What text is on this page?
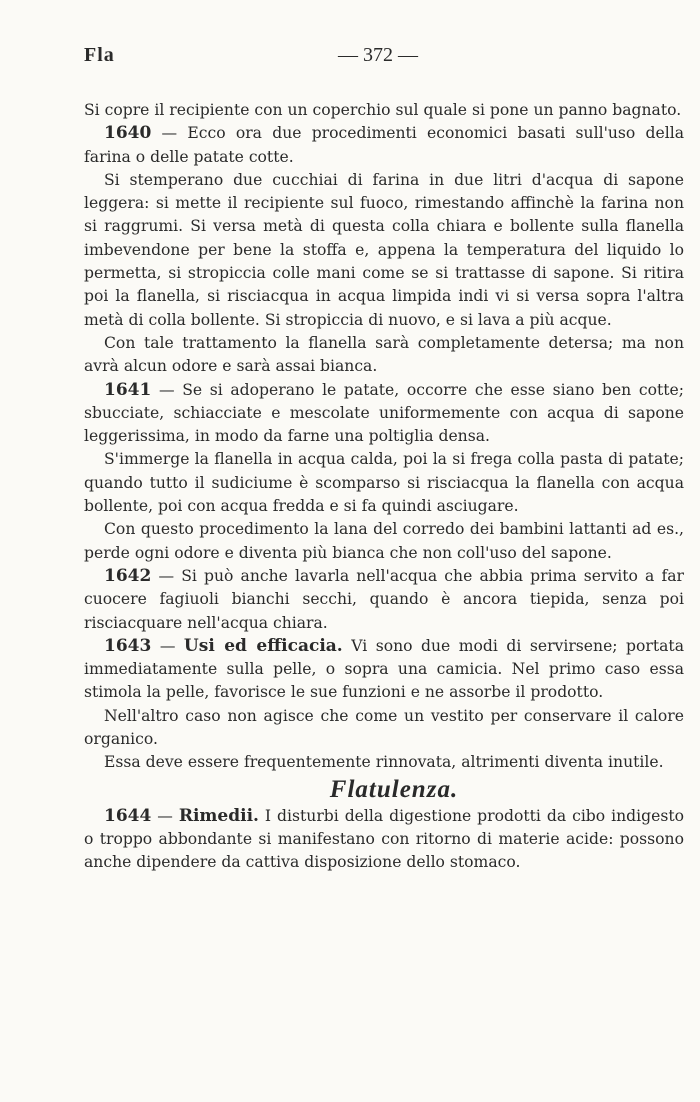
Fla	— 372 —

Si copre il recipiente con un coperchio sul quale si pone un panno bagnato.

1640 — Ecco ora due procedimenti economici basati sull'uso della farina o delle patate cotte.

Si stemperano due cucchiai di farina in due litri d'acqua di sapone leggera: si mette il recipiente sul fuoco, rimestando affinchè la farina non si raggrumi. Si versa metà di questa colla chiara e bollente sulla flanella imbevendone per bene la stoffa e, appena la temperatura del liquido lo permetta, si stropiccia colle mani come se si trattasse di sapone. Si ritira poi la flanella, si risciacqua in acqua limpida indi vi si versa sopra l'altra metà di colla bollente. Si stropiccia di nuovo, e si lava a più acque.

Con tale trattamento la flanella sarà completamente detersa; ma non avrà alcun odore e sarà assai bianca.

1641 — Se si adoperano le patate, occorre che esse siano ben cotte; sbucciate, schiacciate e mescolate uniformemente con acqua di sapone leggerissima, in modo da farne una poltiglia densa.

S'immerge la flanella in acqua calda, poi la si frega colla pasta di patate; quando tutto il sudiciume è scomparso si risciacqua la flanella con acqua bollente, poi con acqua fredda e si fa quindi asciugare.

Con questo procedimento la lana del corredo dei bambini lattanti ad es., perde ogni odore e diventa più bianca che non coll'uso del sapone.

1642 — Si può anche lavarla nell'acqua che abbia prima servito a far cuocere fagiuoli bianchi secchi, quando è ancora tiepida, senza poi risciacquare nell'acqua chiara.

1643 — Usi ed efficacia. Vi sono due modi di servirsene; portata immediatamente sulla pelle, o sopra una camicia. Nel primo caso essa stimola la pelle, favorisce le sue funzioni e ne assorbe il prodotto.

Nell'altro caso non agisce che come un vestito per conservare il calore organico.

Essa deve essere frequentemente rinnovata, altrimenti diventa inutile.

Flatulenza.

1644 — Rimedii. I disturbi della digestione prodotti da cibo indigesto o troppo abbondante si manifestano con ritorno di materie acide: possono anche dipendere da cattiva disposizione dello stomaco.
